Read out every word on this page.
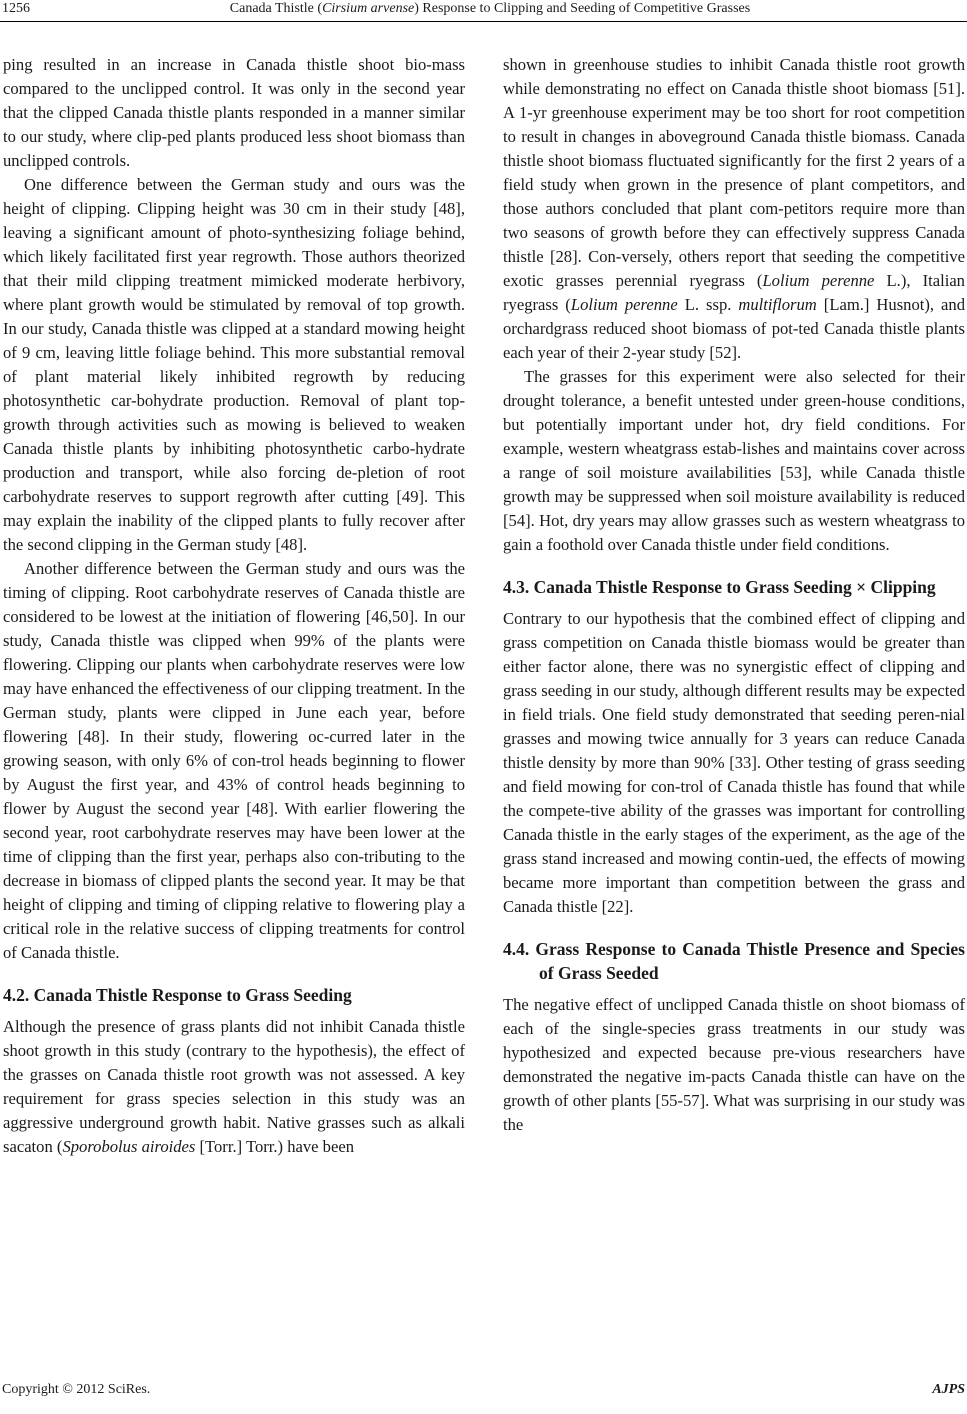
1256	Canada Thistle (Cirsium arvense) Response to Clipping and Seeding of Competitive Grasses

ping resulted in an increase in Canada thistle shoot bio-mass compared to the unclipped control. It was only in the second year that the clipped Canada thistle plants responded in a manner similar to our study, where clip-ped plants produced less shoot biomass than unclipped controls.

One difference between the German study and ours was the height of clipping. Clipping height was 30 cm in their study [48], leaving a significant amount of photo-synthesizing foliage behind, which likely facilitated first year regrowth. Those authors theorized that their mild clipping treatment mimicked moderate herbivory, where plant growth would be stimulated by removal of top growth. In our study, Canada thistle was clipped at a standard mowing height of 9 cm, leaving little foliage behind. This more substantial removal of plant material likely inhibited regrowth by reducing photosynthetic car-bohydrate production. Removal of plant top-growth through activities such as mowing is believed to weaken Canada thistle plants by inhibiting photosynthetic carbo-hydrate production and transport, while also forcing de-pletion of root carbohydrate reserves to support regrowth after cutting [49]. This may explain the inability of the clipped plants to fully recover after the second clipping in the German study [48].

Another difference between the German study and ours was the timing of clipping. Root carbohydrate reserves of Canada thistle are considered to be lowest at the initiation of flowering [46,50]. In our study, Canada thistle was clipped when 99% of the plants were flowering. Clipping our plants when carbohydrate reserves were low may have enhanced the effectiveness of our clipping treatment. In the German study, plants were clipped in June each year, before flowering [48]. In their study, flowering oc-curred later in the growing season, with only 6% of con-trol heads beginning to flower by August the first year, and 43% of control heads beginning to flower by August the second year [48]. With earlier flowering the second year, root carbohydrate reserves may have been lower at the time of clipping than the first year, perhaps also con-tributing to the decrease in biomass of clipped plants the second year. It may be that height of clipping and timing of clipping relative to flowering play a critical role in the relative success of clipping treatments for control of Canada thistle.

4.2. Canada Thistle Response to Grass Seeding

Although the presence of grass plants did not inhibit Canada thistle shoot growth in this study (contrary to the hypothesis), the effect of the grasses on Canada thistle root growth was not assessed. A key requirement for grass species selection in this study was an aggressive underground growth habit. Native grasses such as alkali sacaton (Sporobolus airoides [Torr.] Torr.) have been

shown in greenhouse studies to inhibit Canada thistle root growth while demonstrating no effect on Canada thistle shoot biomass [51]. A 1-yr greenhouse experiment may be too short for root competition to result in changes in aboveground Canada thistle biomass. Canada thistle shoot biomass fluctuated significantly for the first 2 years of a field study when grown in the presence of plant competitors, and those authors concluded that plant com-petitors require more than two seasons of growth before they can effectively suppress Canada thistle [28]. Con-versely, others report that seeding the competitive exotic grasses perennial ryegrass (Lolium perenne L.), Italian ryegrass (Lolium perenne L. ssp. multiflorum [Lam.] Husnot), and orchardgrass reduced shoot biomass of pot-ted Canada thistle plants each year of their 2-year study [52].

The grasses for this experiment were also selected for their drought tolerance, a benefit untested under green-house conditions, but potentially important under hot, dry field conditions. For example, western wheatgrass estab-lishes and maintains cover across a range of soil moisture availabilities [53], while Canada thistle growth may be suppressed when soil moisture availability is reduced [54]. Hot, dry years may allow grasses such as western wheatgrass to gain a foothold over Canada thistle under field conditions.

4.3. Canada Thistle Response to Grass Seeding × Clipping

Contrary to our hypothesis that the combined effect of clipping and grass competition on Canada thistle biomass would be greater than either factor alone, there was no synergistic effect of clipping and grass seeding in our study, although different results may be expected in field trials. One field study demonstrated that seeding peren-nial grasses and mowing twice annually for 3 years can reduce Canada thistle density by more than 90% [33]. Other testing of grass seeding and field mowing for con-trol of Canada thistle has found that while the compete-tive ability of the grasses was important for controlling Canada thistle in the early stages of the experiment, as the age of the grass stand increased and mowing contin-ued, the effects of mowing became more important than competition between the grass and Canada thistle [22].

4.4. Grass Response to Canada Thistle Presence and Species of Grass Seeded

The negative effect of unclipped Canada thistle on shoot biomass of each of the single-species grass treatments in our study was hypothesized and expected because pre-vious researchers have demonstrated the negative im-pacts Canada thistle can have on the growth of other plants [55-57]. What was surprising in our study was the

Copyright © 2012 SciRes.	AJPS
